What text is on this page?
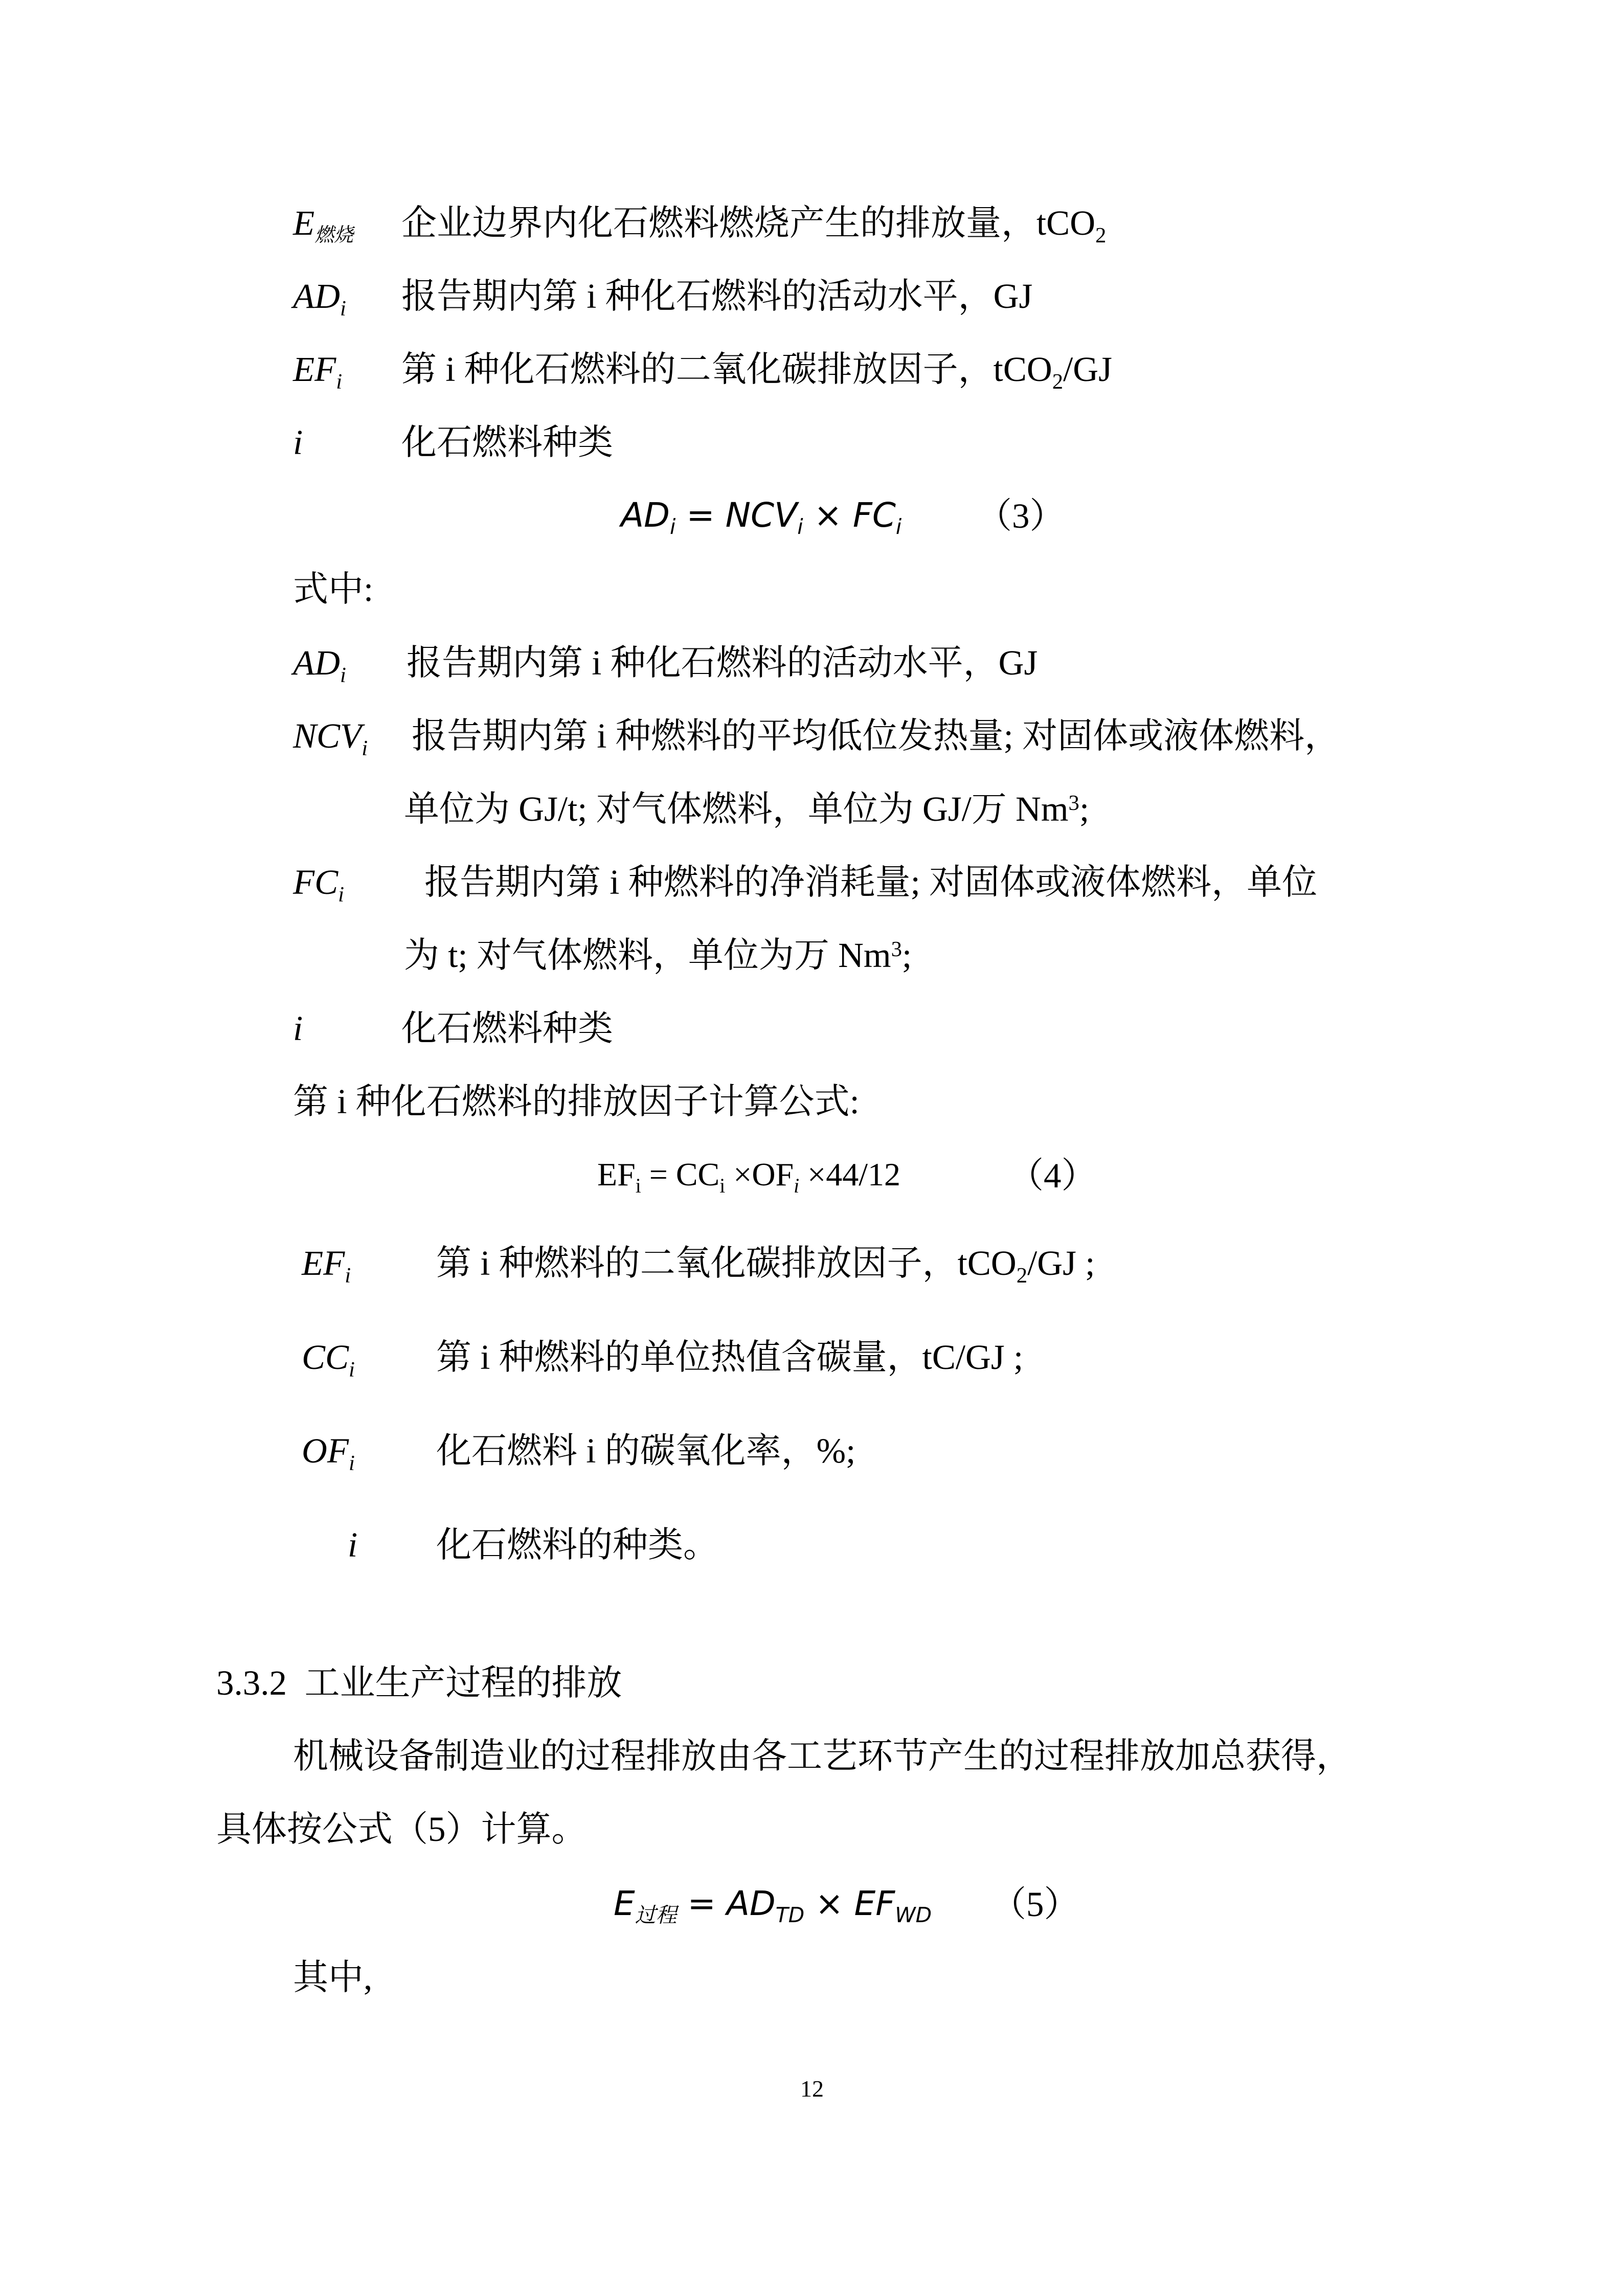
$E_{燃烧}$ 企业边界内化石燃料燃烧产生的排放量，tCO$_2$
$AD_i$ 报告期内第 i 种化石燃料的活动水平，GJ
$EF_i$ 第 i 种化石燃料的二氧化碳排放因子，tCO$_2$/GJ
i	化石燃料种类
$AD_i = NCV_i \times FC_i$ （3）
式中:
$AD_i$ 报告期内第 i 种化石燃料的活动水平，GJ
$NCV_i$ 报告期内第 i 种燃料的平均低位发热量; 对固体或液体燃料，
单位为 GJ/t; 对气体燃料，单位为 GJ/万 Nm$^3$;
$FC_i$ 报告期内第 i 种燃料的净消耗量; 对固体或液体燃料，单位
为 t; 对气体燃料，单位为万 Nm$^3$;
i	化石燃料种类
第 i 种化石燃料的排放因子计算公式:
$EF_i = CC_i \times OF_i \times 44/12$	（4）
$EF_i$ 第 i 种燃料的二氧化碳排放因子，tCO$_2$/GJ ;
$CC_i$ 第 i 种燃料的单位热值含碳量，tC/GJ ;
$OF_i$ 化石燃料 i 的碳氧化率，%;
i 化石燃料的种类。
3.3.2 工业生产过程的排放
机械设备制造业的过程排放由各工艺环节产生的过程排放加总获得，
具体按公式（5）计算。
$E_{过程} = AD_{TD} \times EF_{WD}$ （5）
其中,
12
